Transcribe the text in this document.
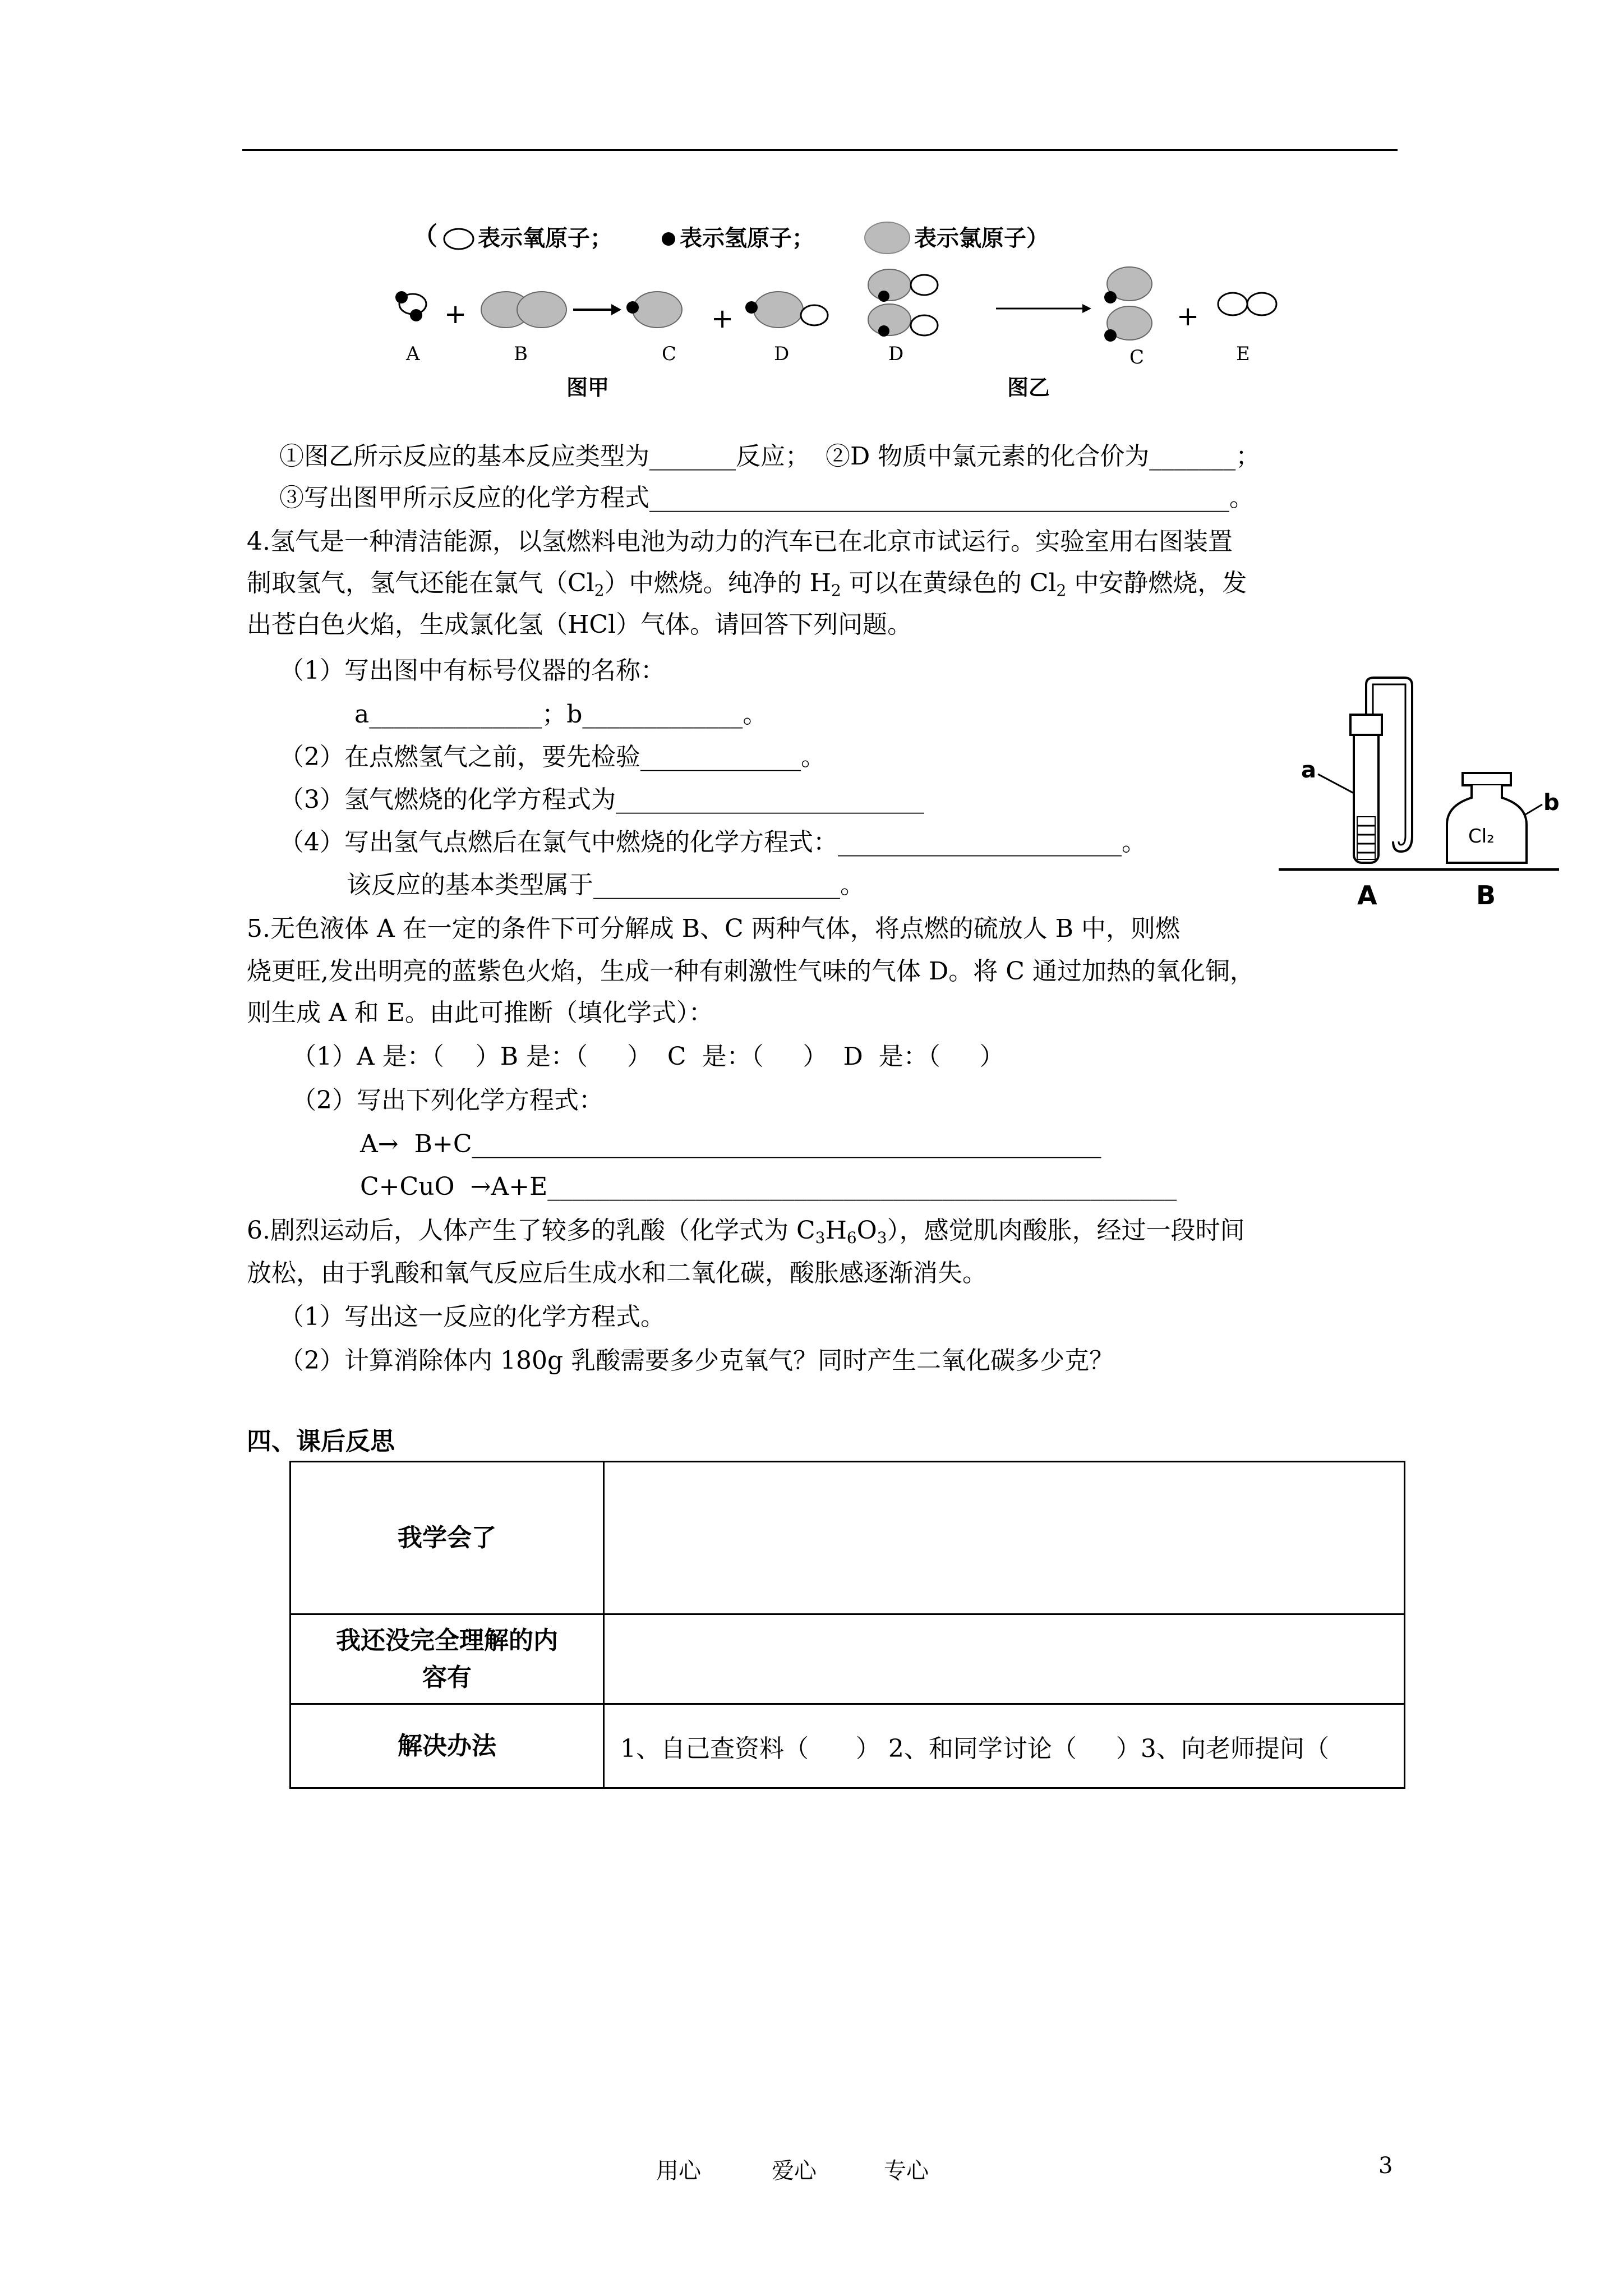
（ 表示氧原子；	表示氢原子；	表示氯原子）
+	+	+
A	B	C	D	D	C	E
图甲	图乙
①图乙所示反应的基本反应类型为_______反应；  ②D 物质中氯元素的化合价为_______；
③写出图甲所示反应的化学方程式_______________________________________________。
4.氢气是一种清洁能源，以氢燃料电池为动力的汽车已在北京市试运行。实验室用右图装置
制取氢气，氢气还能在氯气$(Cl_2)$中燃烧。纯净的 $H_2$ 可以在黄绿色的 $Cl_2$ 中安静燃烧，发
出苍白色火焰，生成氯化氢（HCl）气体。请回答下列问题。
（1）写出图中有标号仪器的名称：
a______________；b_____________。
（2）在点燃氢气之前，要先检验_____________。
（3）氢气燃烧的化学方程式为_________________________
（4）写出氢气点燃后在氯气中燃烧的化学方程式：_______________________。
该反应的基本类型属于____________________。
a
Cl₂
b
A	B
5.无色液体 A 在一定的条件下可分解成 B、C 两种气体，将点燃的硫放人 B 中，则燃
烧更旺,发出明亮的蓝紫色火焰，生成一种有刺激性气味的气体 D。将 C 通过加热的氧化铜，
则生成 A 和 E。由此可推断（填化学式）：
（1）A 是：（    ）B 是：（     ）  C  是：（     ）  D  是：（     ）
（2）写出下列化学方程式：
A→  B+C___________________________________________________
C+CuO  →A+E___________________________________________________
6.剧烈运动后，人体产生了较多的乳酸（化学式为 $C_3H_6O_3$），感觉肌肉酸胀，经过一段时间
放松，由于乳酸和氧气反应后生成水和二氧化碳，酸胀感逐渐消失。
（1）写出这一反应的化学方程式。
（2）计算消除体内 180g 乳酸需要多少克氧气？同时产生二氧化碳多少克？
四、课后反思
我学会了	
我还没完全理解的内容有	
解决办法	1、自己查资料（      ） 2、和同学讨论（     ）3、向老师提问（
用心	爱心	专心	3
